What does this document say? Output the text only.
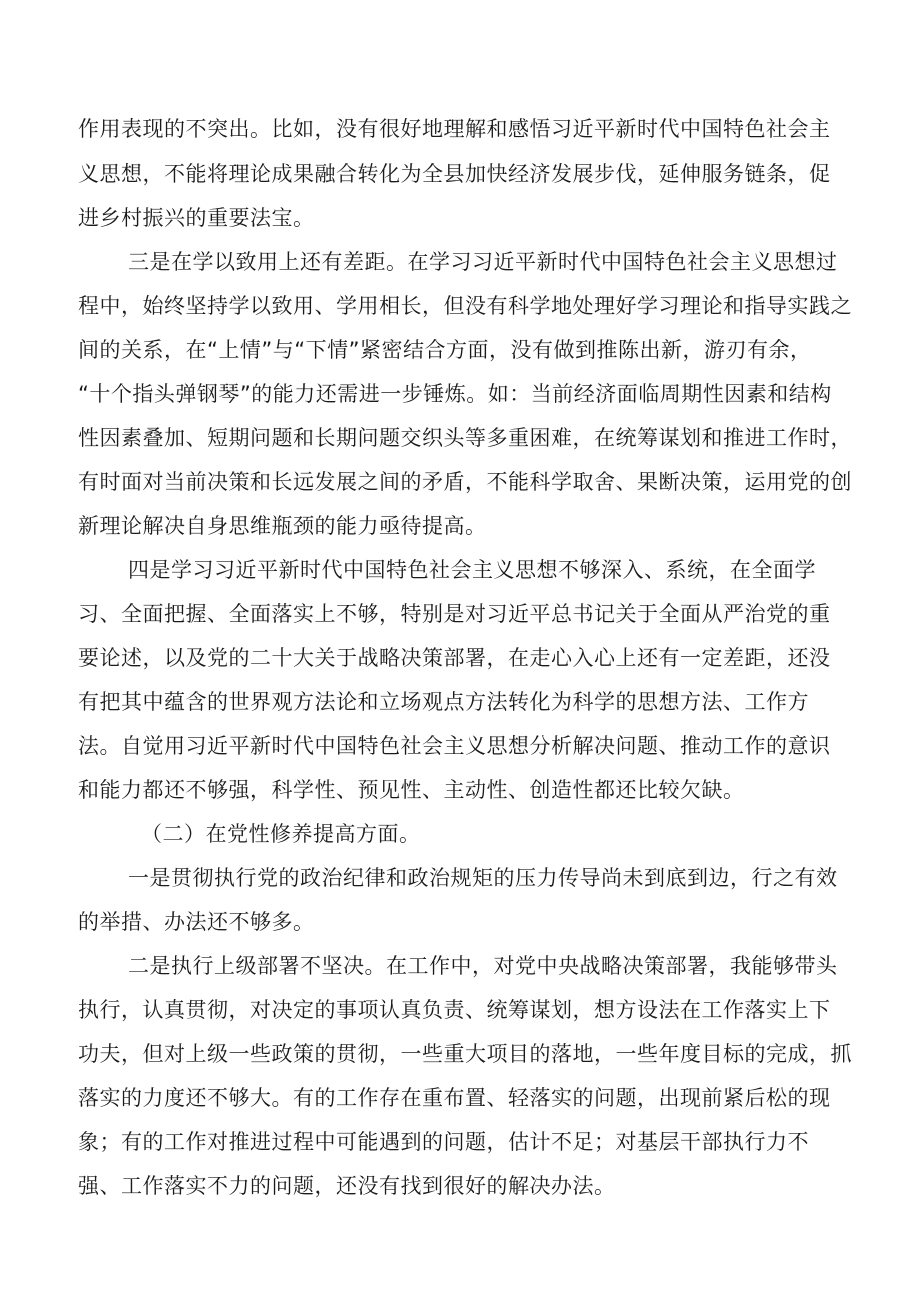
作用表现的不突出。比如，没有很好地理解和感悟习近平新时代中国特色社会主

义思想，不能将理论成果融合转化为全县加快经济发展步伐，延伸服务链条，促

进乡村振兴的重要法宝。

三是在学以致用上还有差距。在学习习近平新时代中国特色社会主义思想过

程中，始终坚持学以致用、学用相长，但没有科学地处理好学习理论和指导实践之

间的关系，在“上情”与“下情”紧密结合方面，没有做到推陈出新，游刃有余，

“十个指头弹钢琴”的能力还需进一步锤炼。如：当前经济面临周期性因素和结构

性因素叠加、短期问题和长期问题交织头等多重困难，在统筹谋划和推进工作时，

有时面对当前决策和长远发展之间的矛盾，不能科学取舍、果断决策，运用党的创

新理论解决自身思维瓶颈的能力亟待提高。

四是学习习近平新时代中国特色社会主义思想不够深入、系统，在全面学

习、全面把握、全面落实上不够，特别是对习近平总书记关于全面从严治党的重

要论述，以及党的二十大关于战略决策部署，在走心入心上还有一定差距，还没

有把其中蕴含的世界观方法论和立场观点方法转化为科学的思想方法、工作方

法。自觉用习近平新时代中国特色社会主义思想分析解决问题、推动工作的意识

和能力都还不够强，科学性、预见性、主动性、创造性都还比较欠缺。

（二）在党性修养提高方面。

一是贯彻执行党的政治纪律和政治规矩的压力传导尚未到底到边，行之有效

的举措、办法还不够多。

二是执行上级部署不坚决。在工作中，对党中央战略决策部署，我能够带头

执行，认真贯彻，对决定的事项认真负责、统筹谋划，想方设法在工作落实上下

功夫，但对上级一些政策的贯彻，一些重大项目的落地，一些年度目标的完成，抓

落实的力度还不够大。有的工作存在重布置、轻落实的问题，出现前紧后松的现

象；有的工作对推进过程中可能遇到的问题，估计不足；对基层干部执行力不

强、工作落实不力的问题，还没有找到很好的解决办法。
